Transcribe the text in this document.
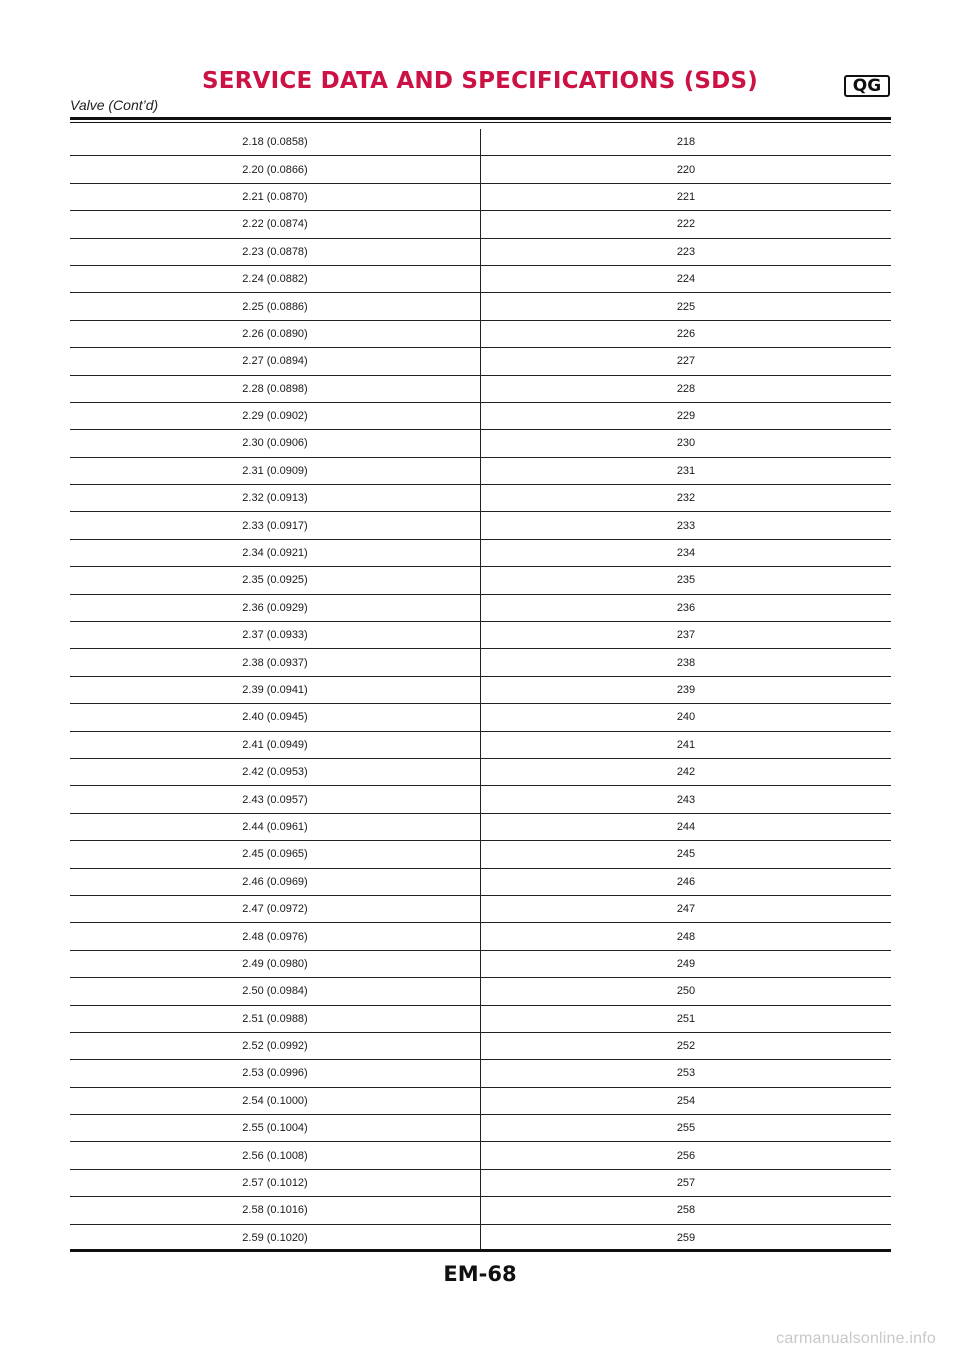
SERVICE DATA AND SPECIFICATIONS (SDS)	QG
Valve (Cont’d)
2.18 (0.0858)	218
2.20 (0.0866)	220
2.21 (0.0870)	221
2.22 (0.0874)	222
2.23 (0.0878)	223
2.24 (0.0882)	224
2.25 (0.0886)	225
2.26 (0.0890)	226
2.27 (0.0894)	227
2.28 (0.0898)	228
2.29 (0.0902)	229
2.30 (0.0906)	230
2.31 (0.0909)	231
2.32 (0.0913)	232
2.33 (0.0917)	233
2.34 (0.0921)	234
2.35 (0.0925)	235
2.36 (0.0929)	236
2.37 (0.0933)	237
2.38 (0.0937)	238
2.39 (0.0941)	239
2.40 (0.0945)	240
2.41 (0.0949)	241
2.42 (0.0953)	242
2.43 (0.0957)	243
2.44 (0.0961)	244
2.45 (0.0965)	245
2.46 (0.0969)	246
2.47 (0.0972)	247
2.48 (0.0976)	248
2.49 (0.0980)	249
2.50 (0.0984)	250
2.51 (0.0988)	251
2.52 (0.0992)	252
2.53 (0.0996)	253
2.54 (0.1000)	254
2.55 (0.1004)	255
2.56 (0.1008)	256
2.57 (0.1012)	257
2.58 (0.1016)	258
2.59 (0.1020)	259
EM-68
carmanualsonline.info
